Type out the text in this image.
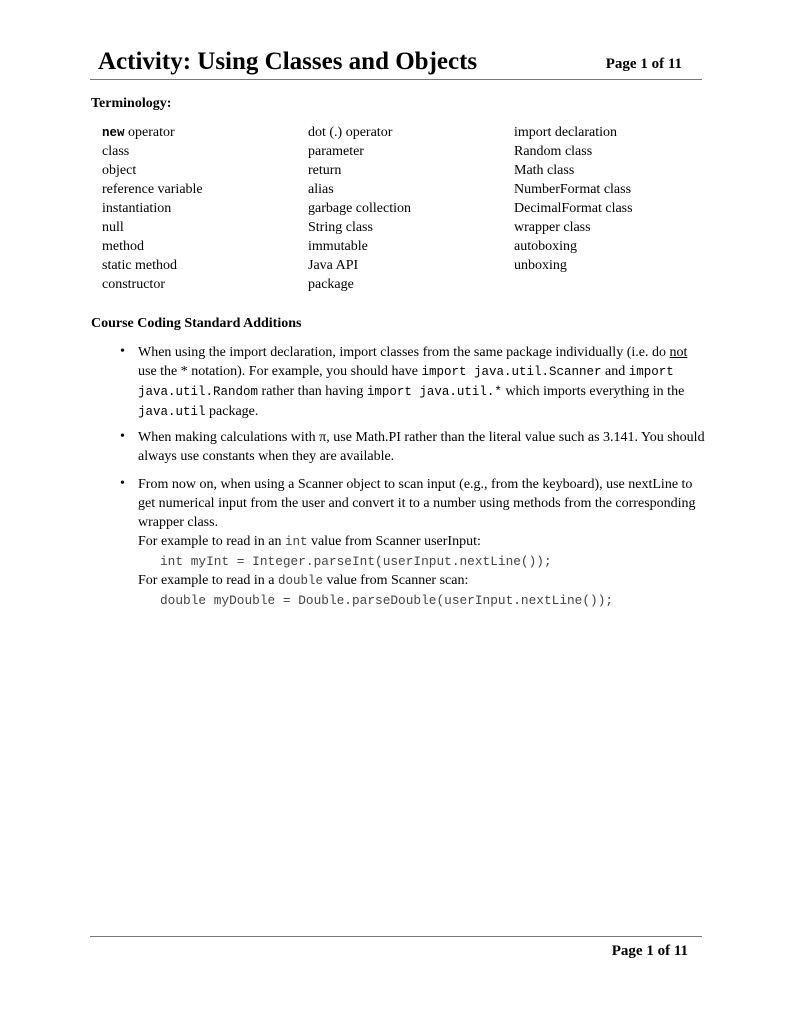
Activity: Using Classes and Objects	Page 1 of 11
Terminology:
new operator
class
object
reference variable
instantiation
null
method
static method
constructor
dot (.) operator
parameter
return
alias
garbage collection
String class
immutable
Java API
package
import declaration
Random class
Math class
NumberFormat class
DecimalFormat class
wrapper class
autoboxing
unboxing
Course Coding Standard Additions
• When using the import declaration, import classes from the same package individually (i.e. do not use the * notation). For example, you should have import java.util.Scanner and import java.util.Random rather than having import java.util.* which imports everything in the java.util package.

• When making calculations with π, use Math.PI rather than the literal value such as 3.141. You should always use constants when they are available.

• From now on, when using a Scanner object to scan input (e.g., from the keyboard), use nextLine to get numerical input from the user and convert it to a number using methods from the corresponding wrapper class.

For example to read in an int value from Scanner userInput:

int myInt = Integer.parseInt(userInput.nextLine());

For example to read in a double value from Scanner scan:

double myDouble = Double.parseDouble(userInput.nextLine());
Page 1 of 11
